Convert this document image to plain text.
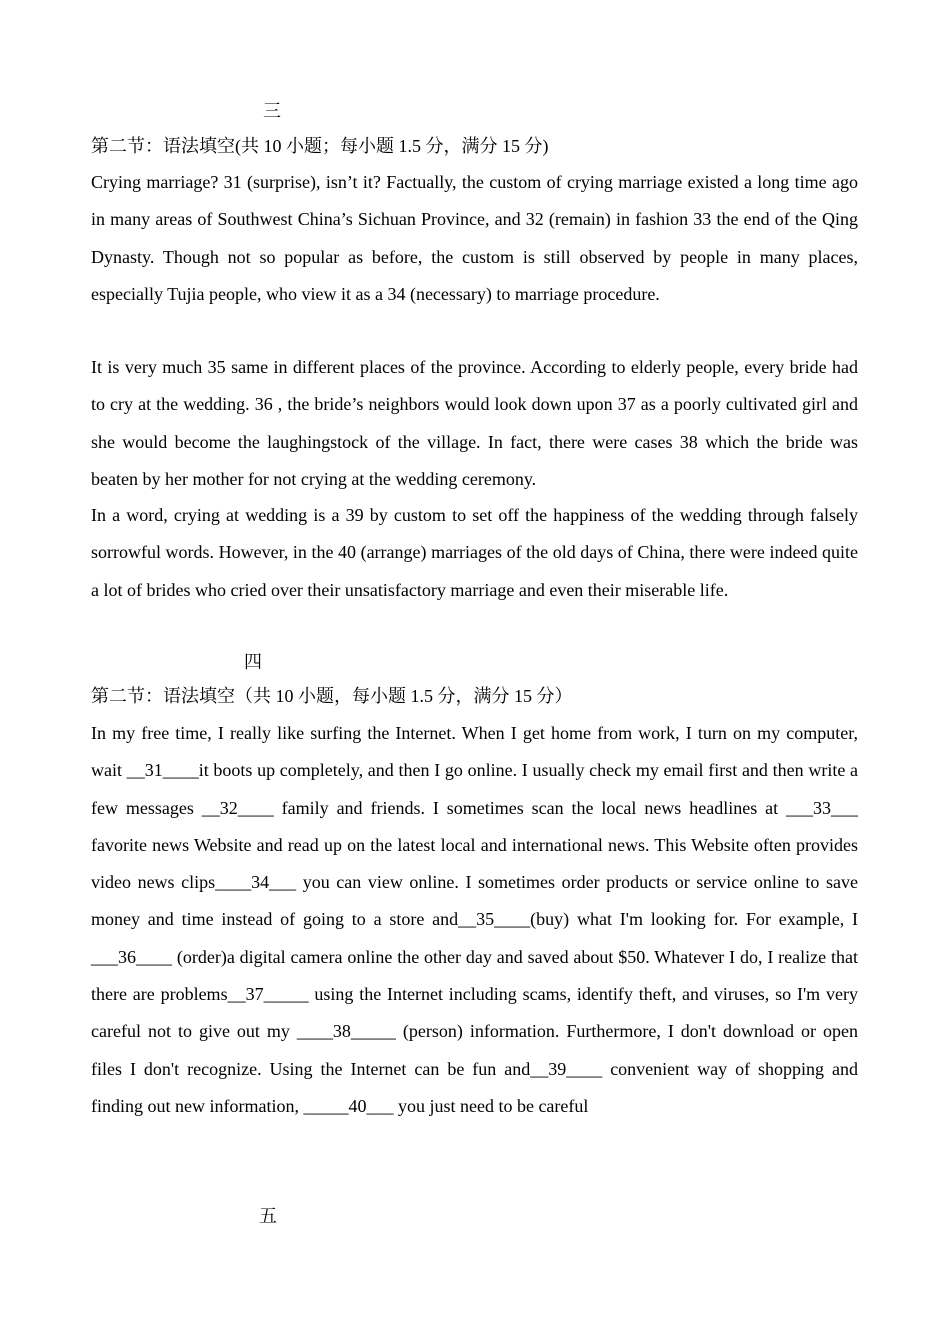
三
第二节：语法填空(共 10 小题；每小题 1.5 分，满分 15 分)

Crying marriage? 31 (surprise), isn’t it? Factually, the custom of crying marriage existed a long time ago in many areas of Southwest China’s Sichuan Province, and 32 (remain) in fashion 33 the end of the Qing Dynasty. Though not so popular as before, the custom is still observed by people in many places, especially Tujia people, who view it as a 34 (necessary) to marriage procedure.

It is very much 35 same in different places of the province. According to elderly people, every bride had to cry at the wedding. 36 , the bride’s neighbors would look down upon 37 as a poorly cultivated girl and she would become the laughingstock of the village. In fact, there were cases 38 which the bride was beaten by her mother for not crying at the wedding ceremony.

In a word, crying at wedding is a 39 by custom to set off the happiness of the wedding through falsely sorrowful words. However, in the 40 (arrange) marriages of the old days of China, there were indeed quite a lot of brides who cried over their unsatisfactory marriage and even their miserable life.

四
第二节：语法填空（共 10 小题，每小题 1.5 分，满分 15 分）

In my free time, I really like surfing the Internet. When I get home from work, I turn on my computer, wait __31____it boots up completely, and then I go online. I usually check my email first and then write a few messages __32____ family and friends. I sometimes scan the local news headlines at ___33___ favorite news Website and read up on the latest local and international news. This Website often provides video news clips____34___ you can view online. I sometimes order products or service online to save money and time instead of going to a store and__35____(buy) what I'm looking for. For example, I ___36____ (order)a digital camera online the other day and saved about $50. Whatever I do, I realize that there are problems__37_____ using the Internet including scams, identify theft, and viruses, so I'm very careful not to give out my ____38_____ (person) information. Furthermore, I don't download or open files I don't recognize. Using the Internet can be fun and__39____ convenient way of shopping and finding out new information, _____40___ you just need to be careful

五
